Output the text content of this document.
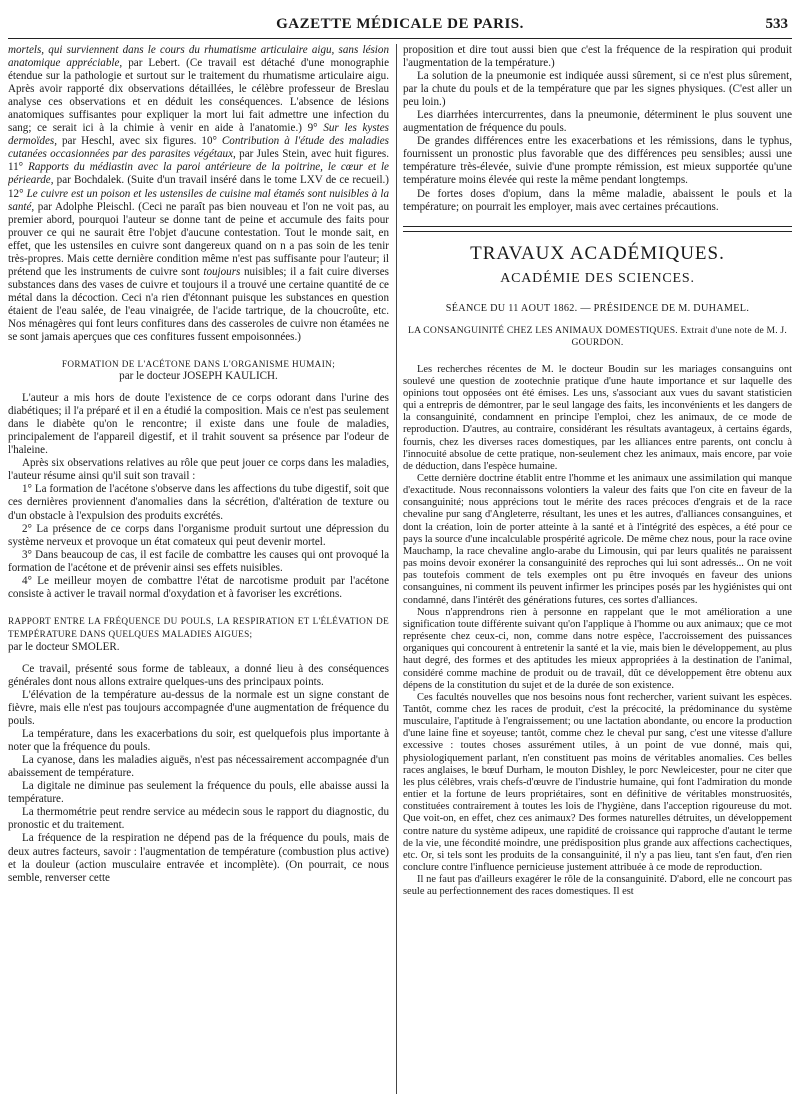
GAZETTE MÉDICALE DE PARIS.	533

mortels, qui surviennent dans le cours du rhumatisme articulaire aigu, sans lésion anatomique appréciable, par Lebert. (Ce travail est détaché d'une monographie étendue sur la pathologie et surtout sur le traitement du rhumatisme articulaire aigu. Après avoir rapporté dix observations détaillées, le célèbre professeur de Breslau analyse ces observations et en déduit les conséquences. L'absence de lésions anatomiques suffisantes pour expliquer la mort lui fait admettre une infection du sang; ce serait ici à la chimie à venir en aide à l'anatomie.) 9° Sur les kystes dermoïdes, par Heschl, avec six figures. 10° Contribution à l'étude des maladies cutanées occasionnées par des parasites végétaux, par Jules Stein, avec huit figures. 11° Rapports du médiastin avec la paroi antérieure de la poitrine, le cœur et le périearde, par Bochdalek. (Suite d'un travail inséré dans le tome LXV de ce recueil.) 12° Le cuivre est un poison et les ustensiles de cuisine mal étamés sont nuisibles à la santé, par Adolphe Pleischl. (Ceci ne paraît pas bien nouveau et l'on ne voit pas, au premier abord, pourquoi l'auteur se donne tant de peine et accumule des faits pour prouver ce qui ne saurait être l'objet d'aucune contestation. Tout le monde sait, en effet, que les ustensiles en cuivre sont dangereux quand on n a pas soin de les tenir très-propres. Mais cette dernière condition même n'est pas suffisante pour l'auteur; il prétend que les instruments de cuivre sont toujours nuisibles; il a fait cuire diverses substances dans des vases de cuivre et toujours il a trouvé une certaine quantité de ce métal dans la décoction. Ceci n'a rien d'étonnant puisque les substances en question étaient de l'eau salée, de l'eau vinaigrée, de l'acide tartrique, de la choucroûte, etc. Nos ménagères qui font leurs confitures dans des casseroles de cuivre non étamées ne se sont jamais aperçues que ces confitures fussent empoisonnées.)

FORMATION DE L'ACÉTONE DANS L'ORGANISME HUMAIN;
par le docteur JOSEPH KAULICH.

L'auteur a mis hors de doute l'existence de ce corps odorant dans l'urine des diabétiques; il l'a préparé et il en a étudié la composition. Mais ce n'est pas seulement dans le diabète qu'on le rencontre; il existe dans une foule de maladies, principalement de l'appareil digestif, et il trahit souvent sa présence par l'odeur de l'haleine.

Après six observations relatives au rôle que peut jouer ce corps dans les maladies, l'auteur résume ainsi qu'il suit son travail :

1° La formation de l'acétone s'observe dans les affections du tube digestif, soit que ces dernières proviennent d'anomalies dans la sécrétion, d'altération de texture ou d'un obstacle à l'expulsion des produits excrétés.

2° La présence de ce corps dans l'organisme produit surtout une dépression du système nerveux et provoque un état comateux qui peut devenir mortel.

3° Dans beaucoup de cas, il est facile de combattre les causes qui ont provoqué la formation de l'acétone et de prévenir ainsi ses effets nuisibles.

4° Le meilleur moyen de combattre l'état de narcotisme produit par l'acétone consiste à activer le travail normal d'oxydation et à favoriser les excrétions.

RAPPORT ENTRE LA FRÉQUENCE DU POULS, LA RESPIRATION ET L'ÉLÉVATION DE TEMPÉRATURE DANS QUELQUES MALADIES AIGUES;

par le docteur SMOLER.

Ce travail, présenté sous forme de tableaux, a donné lieu à des conséquences générales dont nous allons extraire quelques-uns des principaux points.

L'élévation de la température au-dessus de la normale est un signe constant de fièvre, mais elle n'est pas toujours accompagnée d'une augmentation de fréquence du pouls.

La température, dans les exacerbations du soir, est quelquefois plus importante à noter que la fréquence du pouls.

La cyanose, dans les maladies aiguës, n'est pas nécessairement accompagnée d'un abaissement de température.

La digitale ne diminue pas seulement la fréquence du pouls, elle abaisse aussi la température.

La thermométrie peut rendre service au médecin sous le rapport du diagnostic, du pronostic et du traitement.

La fréquence de la respiration ne dépend pas de la fréquence du pouls, mais de deux autres facteurs, savoir : l'augmentation de température (combustion plus active) et la douleur (action musculaire entravée et incomplète). (On pourrait, ce nous semble, renverser cette

proposition et dire tout aussi bien que c'est la fréquence de la respiration qui produit l'augmentation de la température.)

La solution de la pneumonie est indiquée aussi sûrement, si ce n'est plus sûrement, par la chute du pouls et de la température que par les signes physiques. (C'est aller un peu loin.)

Les diarrhées intercurrentes, dans la pneumonie, déterminent le plus souvent une augmentation de fréquence du pouls.

De grandes différences entre les exacerbations et les rémissions, dans le typhus, fournissent un pronostic plus favorable que des différences peu sensibles; aussi une température très-élevée, suivie d'une prompte rémission, est mieux supportée qu'une température moins élevée qui reste la même pendant longtemps.

De fortes doses d'opium, dans la même maladie, abaissent le pouls et la température; on pourrait les employer, mais avec certaines précautions.

TRAVAUX ACADÉMIQUES.
ACADÉMIE DES SCIENCES.
SÉANCE DU 11 AOUT 1862. — PRÉSIDENCE DE M. DUHAMEL.
LA CONSANGUINITÉ CHEZ LES ANIMAUX DOMESTIQUES. Extrait d'une note de M. J. GOURDON.

Les recherches récentes de M. le docteur Boudin sur les mariages consanguins ont soulevé une question de zootechnie pratique d'une haute importance et sur laquelle des opinions tout opposées ont été émises. Les uns, s'associant aux vues du savant statisticien qui a entrepris de démontrer, par le seul langage des faits, les inconvénients et les dangers de la consanguinité, condamnent en principe l'emploi, chez les animaux, de ce mode de reproduction. D'autres, au contraire, considérant les résultats avantageux, à certains égards, fournis, chez les diverses races domestiques, par les alliances entre parents, ont conclu à l'innocuité absolue de cette pratique, non-seulement chez les animaux, mais encore, par voie de déduction, dans l'espèce humaine.

Cette dernière doctrine établit entre l'homme et les animaux une assimilation qui manque d'exactitude. Nous reconnaissons volontiers la valeur des faits que l'on cite en faveur de la consanguinité; nous apprécions tout le mérite des races précoces d'engrais et de la race chevaline pur sang d'Angleterre, résultant, les unes et les autres, d'alliances consanguines, et dont la création, loin de porter atteinte à la santé et à l'intégrité des espèces, a été pour ce pays la source d'une incalculable prospérité agricole. De même chez nous, pour la race ovine Mauchamp, la race chevaline anglo-arabe du Limousin, qui par leurs qualités ne paraissent pas moins devoir exonérer la consanguinité des reproches qui lui sont adressés... On ne voit pas toutefois comment de tels exemples ont pu être invoqués en faveur des unions consanguines, ni comment ils peuvent infirmer les principes posés par les hygiénistes qui ont condamné, dans l'intérêt des générations futures, ces sortes d'alliances.

Nous n'apprendrons rien à personne en rappelant que le mot amélioration a une signification toute différente suivant qu'on l'applique à l'homme ou aux animaux; que ce mot représente chez ceux-ci, non, comme dans notre espèce, l'accroissement des puissances organiques qui concourent à entretenir la santé et la vie, mais bien le développement, au plus haut degré, des formes et des aptitudes les mieux appropriées à la destination de l'animal, considéré comme machine de produit ou de travail, dût ce développement être obtenu aux dépens de la constitution du sujet et de la durée de son existence.

Ces facultés nouvelles que nos besoins nous font rechercher, varient suivant les espèces. Tantôt, comme chez les races de produit, c'est la précocité, la prédominance du système musculaire, l'aptitude à l'engraissement; ou une lactation abondante, ou encore la production d'une laine fine et soyeuse; tantôt, comme chez le cheval pur sang, c'est une vitesse d'allure excessive : toutes choses assurément utiles, à un point de vue donné, mais qui, physiologiquement parlant, n'en constituent pas moins de véritables anomalies. Ces belles races anglaises, le bœuf Durham, le mouton Dishley, le porc Newleicester, pour ne citer que les plus célèbres, vrais chefs-d'œuvre de l'industrie humaine, qui font l'admiration du monde entier et la fortune de leurs propriétaires, sont en définitive de véritables monstruosités, constituées contrairement à toutes les lois de l'hygiène, dans l'acception rigoureuse du mot. Que voit-on, en effet, chez ces animaux? Des formes naturelles détruites, un développement contre nature du système adipeux, une rapidité de croissance qui rapproche d'autant le terme de la vie, une fécondité moindre, une prédisposition plus grande aux affections cachectiques, etc. Or, si tels sont les produits de la consanguinité, il n'y a pas lieu, tant s'en faut, d'en rien conclure contre l'influence pernicieuse justement attribuée à ce mode de reproduction.

Il ne faut pas d'ailleurs exagérer le rôle de la consanguinité. D'abord, elle ne concourt pas seule au perfectionnement des races domestiques. Il est
